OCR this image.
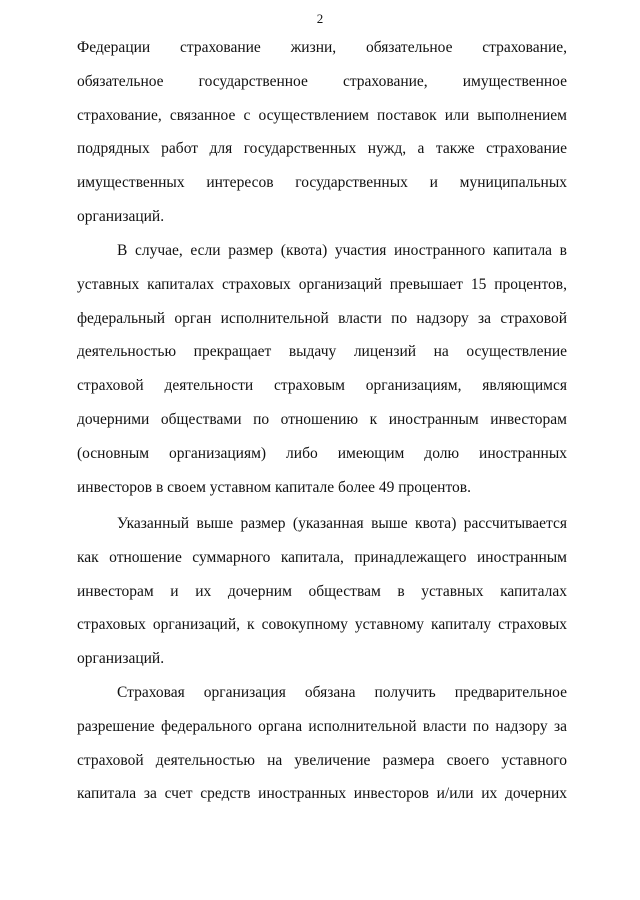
2
Федерации страхование жизни, обязательное страхование,
обязательное государственное страхование, имущественное
страхование, связанное с осуществлением поставок или выполнением
подрядных работ для государственных нужд, а также страхование
имущественных интересов государственных и муниципальных
организаций.
В случае, если размер (квота) участия иностранного капитала в
уставных капиталах страховых организаций превышает 15 процентов,
федеральный орган исполнительной власти по надзору за страховой
деятельностью прекращает выдачу лицензий на осуществление
страховой деятельности страховым организациям, являющимся
дочерними обществами по отношению к иностранным инвесторам
(основным организациям) либо имеющим долю иностранных
инвесторов в своем уставном капитале более 49 процентов.
Указанный выше размер (указанная выше квота) рассчитывается
как отношение суммарного капитала, принадлежащего иностранным
инвесторам и их дочерним обществам в уставных капиталах
страховых организаций, к совокупному уставному капиталу страховых
организаций.
Страховая организация обязана получить предварительное
разрешение федерального органа исполнительной власти по надзору за
страховой деятельностью на увеличение размера своего уставного
капитала за счет средств иностранных инвесторов и/или их дочерних
